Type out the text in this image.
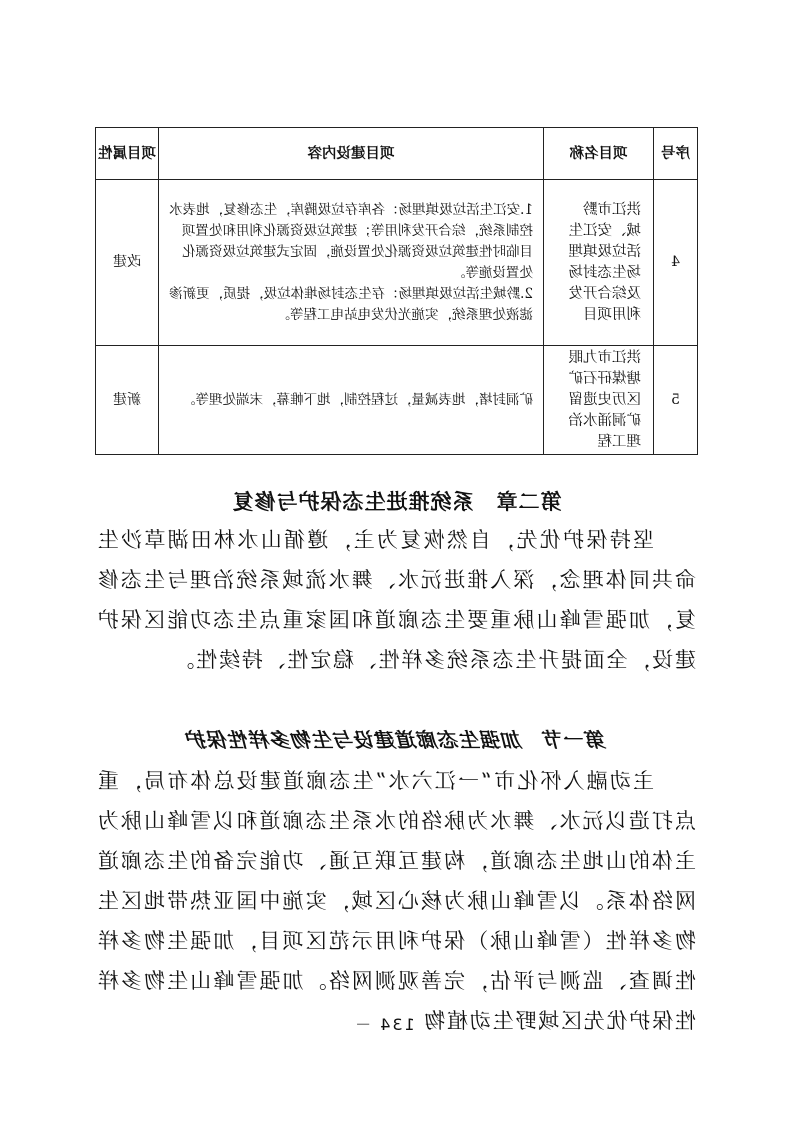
序号	项目名称	项目建设内容	项目属性
4	洪江市黔城、安江生活垃圾填埋场生态封场及综合开发利用项目	1.安江生活垃圾填埋场：各库存垃圾腾库，生态修复，地表水控制系统，综合开发利用等；建筑垃圾资源化利用和处置项目临时性建筑垃圾资源化处置设施，固定式建筑垃圾资源化处置设施等。
2.黔城生活垃圾填埋场：存生态封场堆体垃圾，提质，更新渗滤液处理系统，实施光伏发电站电工程等。	改建
5	洪江市九眼塘煤矸石矿区历史遗留矿洞涌水治理工程	矿洞封堵，地表减量，过程控制，地下帷幕，末端处理等。	新建
第二章　系统推进生态保护与修复

坚持保护优先，自然恢复为主，遵循山水林田湖草沙生命共同体理念，深入推进沅水、舞水流域系统治理与生态修复，加强雪峰山脉重要生态廊道和国家重点生态功能区保护建设，全面提升生态系统多样性、稳定性、持续性。

第一节　加强生态廊道建设与生物多样性保护

主动融入怀化市“一江六水”生态廊道建设总体布局，重点打造以沅水、舞水为脉络的水系生态廊道和以雪峰山脉为主体的山地生态廊道，构建互联互通、功能完备的生态廊道网络体系。以雪峰山脉为核心区域，实施中国亚热带地区生物多样性（雪峰山脉）保护利用示范区项目，加强生物多样性调查、监测与评估，完善观测网络。加强雪峰山生物多样性保护优先区域野生动植物

－ 134 －
